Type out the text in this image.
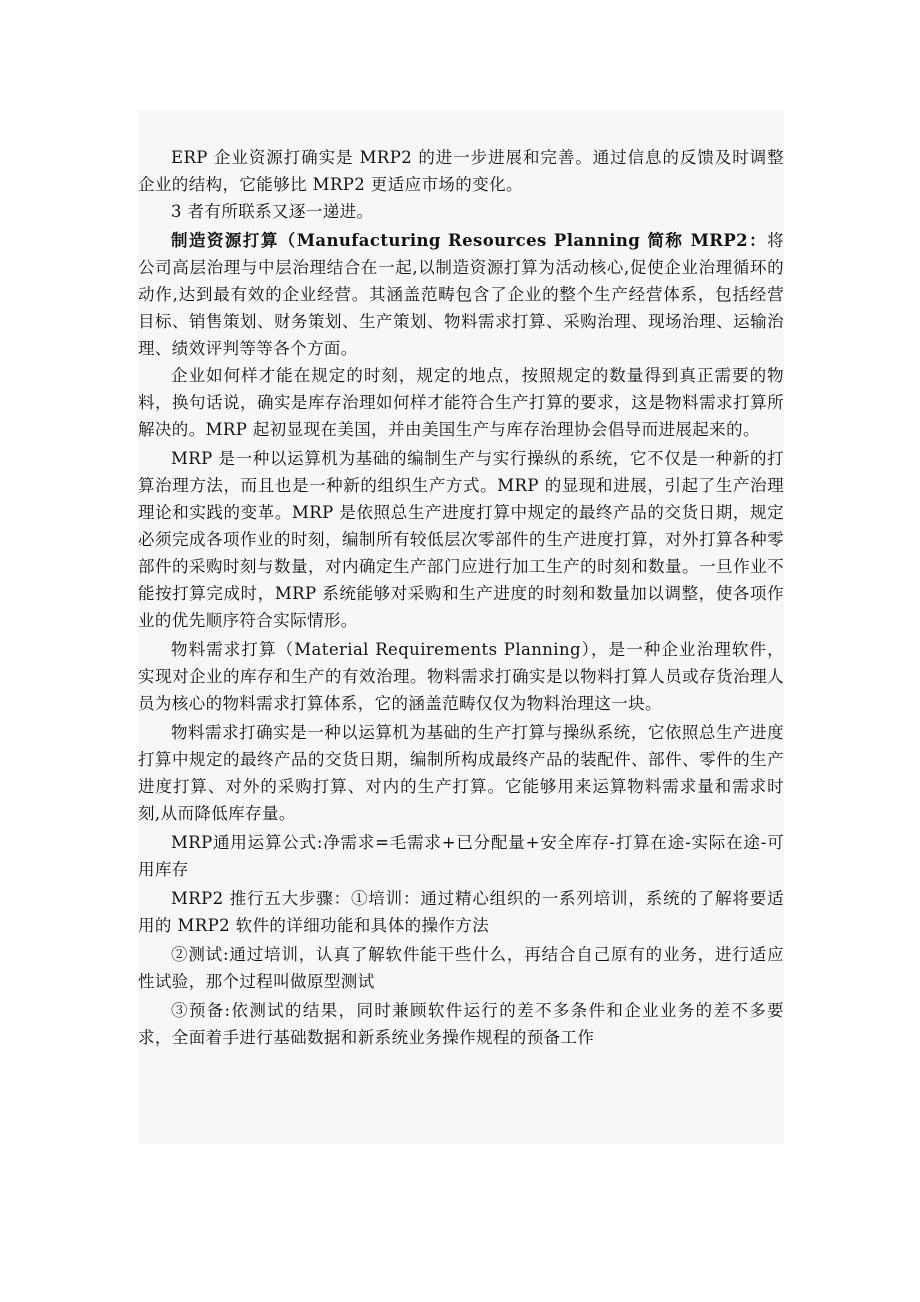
ERP 企业资源打确实是 MRP2 的进一步进展和完善。通过信息的反馈及时调整企业的结构，它能够比 MRP2 更适应市场的变化。

3 者有所联系又逐一递进。

制造资源打算（Manufacturing Resources Planning 简称 MRP2：将公司高层治理与中层治理结合在一起,以制造资源打算为活动核心,促使企业治理循环的动作,达到最有效的企业经营。其涵盖范畴包含了企业的整个生产经营体系，包括经营目标、销售策划、财务策划、生产策划、物料需求打算、采购治理、现场治理、运输治理、绩效评判等等各个方面。

企业如何样才能在规定的时刻，规定的地点，按照规定的数量得到真正需要的物料，换句话说，确实是库存治理如何样才能符合生产打算的要求，这是物料需求打算所解决的。MRP 起初显现在美国，并由美国生产与库存治理协会倡导而进展起来的。

MRP 是一种以运算机为基础的编制生产与实行操纵的系统，它不仅是一种新的打算治理方法，而且也是一种新的组织生产方式。MRP 的显现和进展，引起了生产治理理论和实践的变革。MRP 是依照总生产进度打算中规定的最终产品的交货日期，规定必须完成各项作业的时刻，编制所有较低层次零部件的生产进度打算，对外打算各种零部件的采购时刻与数量，对内确定生产部门应进行加工生产的时刻和数量。一旦作业不能按打算完成时，MRP 系统能够对采购和生产进度的时刻和数量加以调整，使各项作业的优先顺序符合实际情形。

物料需求打算（Material Requirements Planning），是一种企业治理软件，实现对企业的库存和生产的有效治理。物料需求打确实是以物料打算人员或存货治理人员为核心的物料需求打算体系，它的涵盖范畴仅仅为物料治理这一块。

物料需求打确实是一种以运算机为基础的生产打算与操纵系统，它依照总生产进度打算中规定的最终产品的交货日期，编制所构成最终产品的装配件、部件、零件的生产进度打算、对外的采购打算、对内的生产打算。它能够用来运算物料需求量和需求时刻,从而降低库存量。

MRP通用运算公式:净需求=毛需求+已分配量+安全库存-打算在途-实际在途-可用库存

MRP2 推行五大步骤：①培训：通过精心组织的一系列培训，系统的了解将要适用的 MRP2 软件的详细功能和具体的操作方法

②测试:通过培训，认真了解软件能干些什么，再结合自己原有的业务，进行适应性试验，那个过程叫做原型测试

③预备:依测试的结果，同时兼顾软件运行的差不多条件和企业业务的差不多要求，全面着手进行基础数据和新系统业务操作规程的预备工作
